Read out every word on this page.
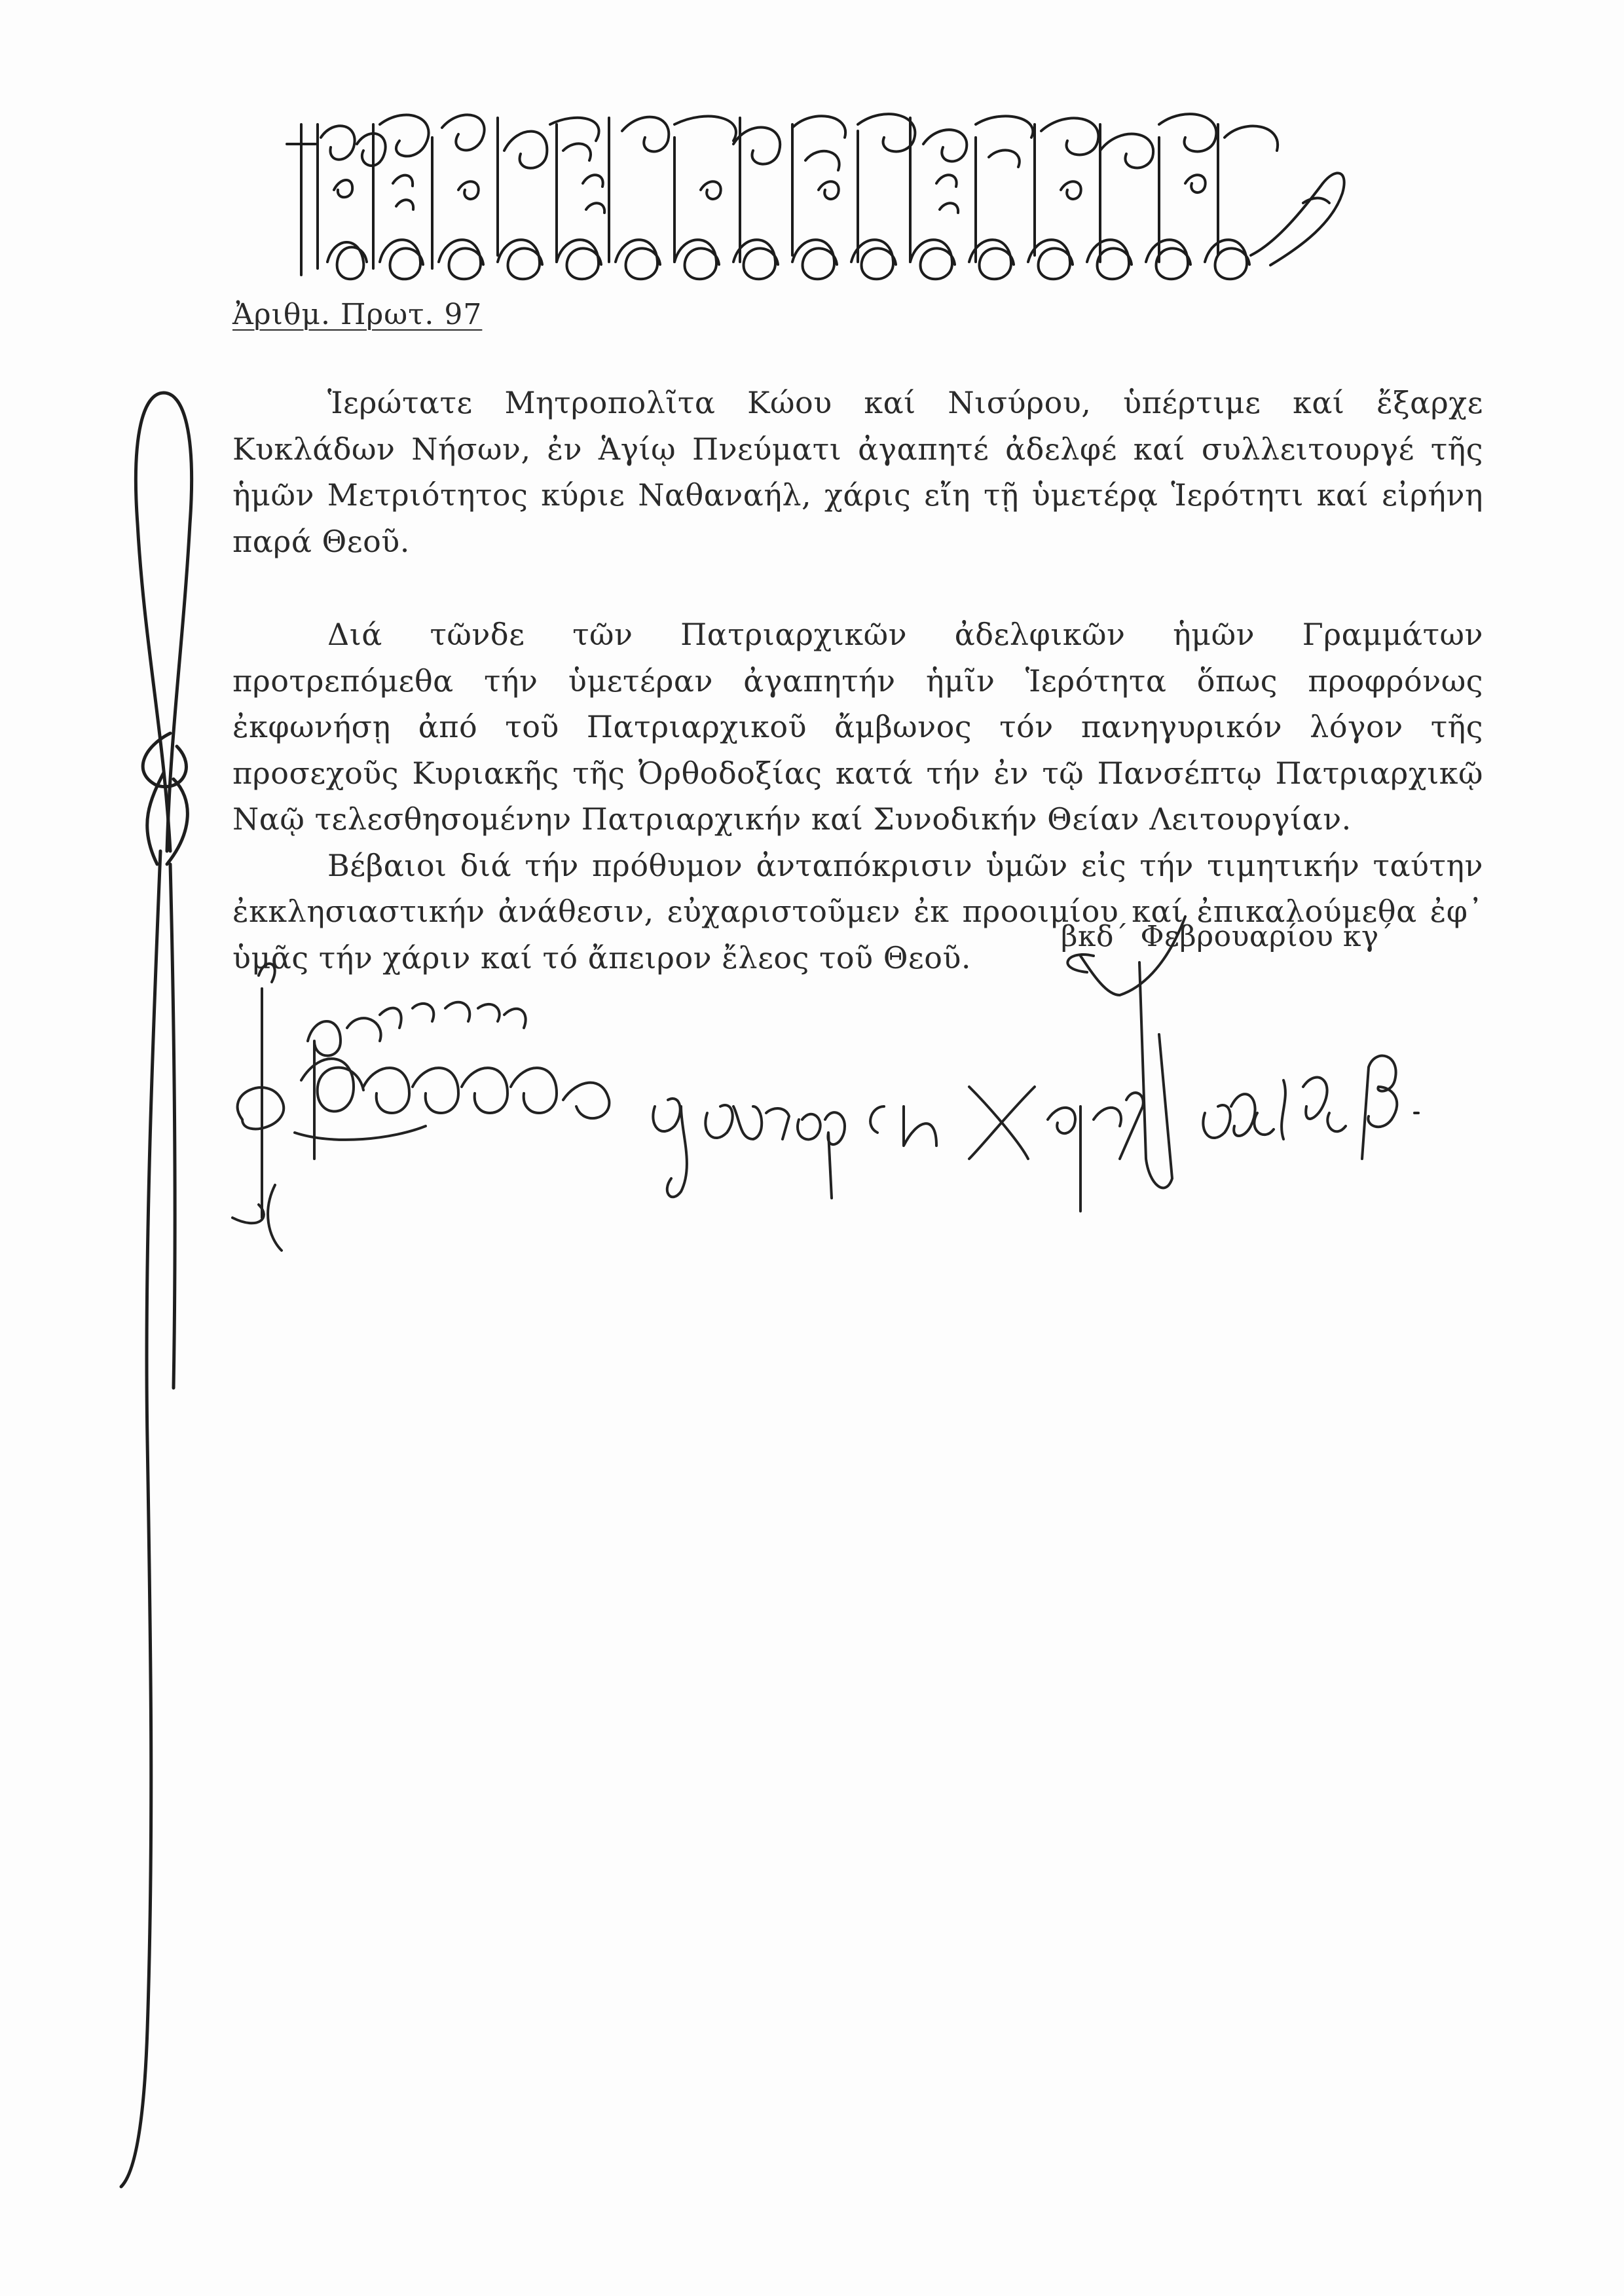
Ἀριθμ. Πρωτ. 97

Ἱερώτατε Μητροπολῖτα Κώου καί Νισύρου, ὑπέρτιμε καί ἔξαρχε Κυκλάδων Νήσων, ἐν Ἁγίῳ Πνεύματι ἀγαπητέ ἀδελφέ καί συλλειτουργέ τῆς ἡμῶν Μετριότητος κύριε Ναθαναήλ, χάρις εἴη τῇ ὑμετέρᾳ Ἱερότητι καί εἰρήνη παρά Θεοῦ.

Διά τῶνδε τῶν Πατριαρχικῶν ἀδελφικῶν ἡμῶν Γραμμάτων προτρεπόμεθα τήν ὑμετέραν ἀγαπητήν ἡμῖν Ἱερότητα ὅπως προφρόνως ἐκφωνήσῃ ἀπό τοῦ Πατριαρχικοῦ ἄμβωνος τόν πανηγυρικόν λόγον τῆς προσεχοῦς Κυριακῆς τῆς Ὀρθοδοξίας κατά τήν ἐν τῷ Πανσέπτῳ Πατριαρχικῷ Ναῷ τελεσθησομένην Πατριαρχικήν καί Συνοδικήν Θείαν Λειτουργίαν.

Βέβαιοι διά τήν πρόθυμον ἀνταπόκρισιν ὑμῶν εἰς τήν τιμητικήν ταύτην ἐκκλησιαστικήν ἀνάθεσιν, εὐχαριστοῦμεν ἐκ προοιμίου καί ἐπικαλούμεθα ἐφ᾽ ὑμᾶς τήν χάριν καί τό ἄπειρον ἔλεος τοῦ Θεοῦ.

βκδ´ Φεβρουαρίου κγ´
